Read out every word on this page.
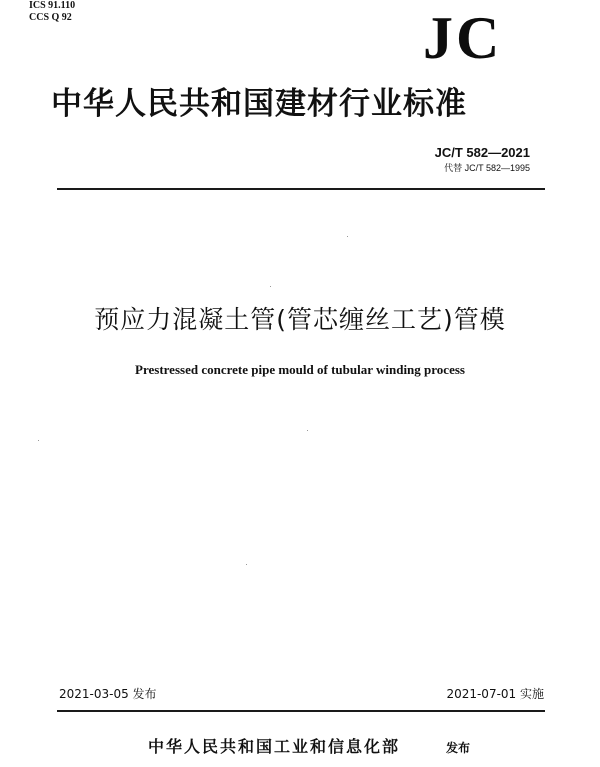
ICS 91.110
CCS Q 92	JC
中华人民共和国建材行业标准
JC/T 582—2021
代替 JC/T 582—1995
预应力混凝土管(管芯缠丝工艺)管模
Prestressed concrete pipe mould of tubular winding process
2021-03-05 发布	2021-07-01 实施
中华人民共和国工业和信息化部	发布
